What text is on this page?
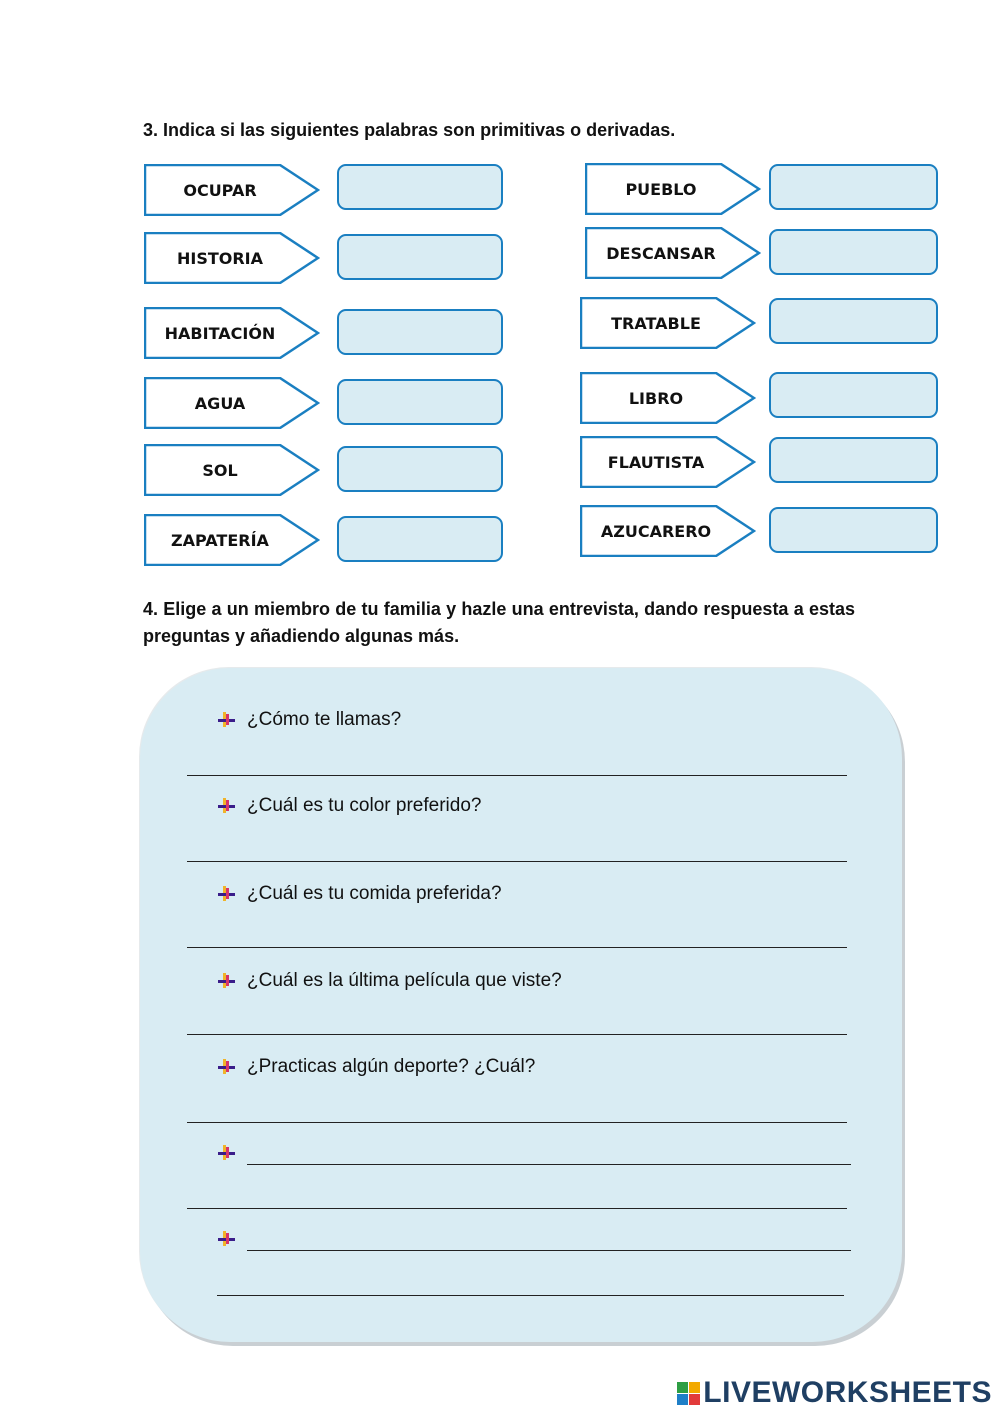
3. Indica si las siguientes palabras son primitivas o derivadas.
OCUPAR
HISTORIA
HABITACIÓN
AGUA
SOL
ZAPATERÍA
PUEBLO
DESCANSAR
TRATABLE
LIBRO
FLAUTISTA
AZUCARERO
4. Elige a un miembro de tu familia y hazle una entrevista, dando respuesta a estas preguntas y añadiendo algunas más.
¿Cómo te llamas?
¿Cuál es tu color preferido?
¿Cuál es tu comida preferida?
¿Cuál es la última película que viste?
¿Practicas algún deporte? ¿Cuál?
LIVEWORKSHEETS
